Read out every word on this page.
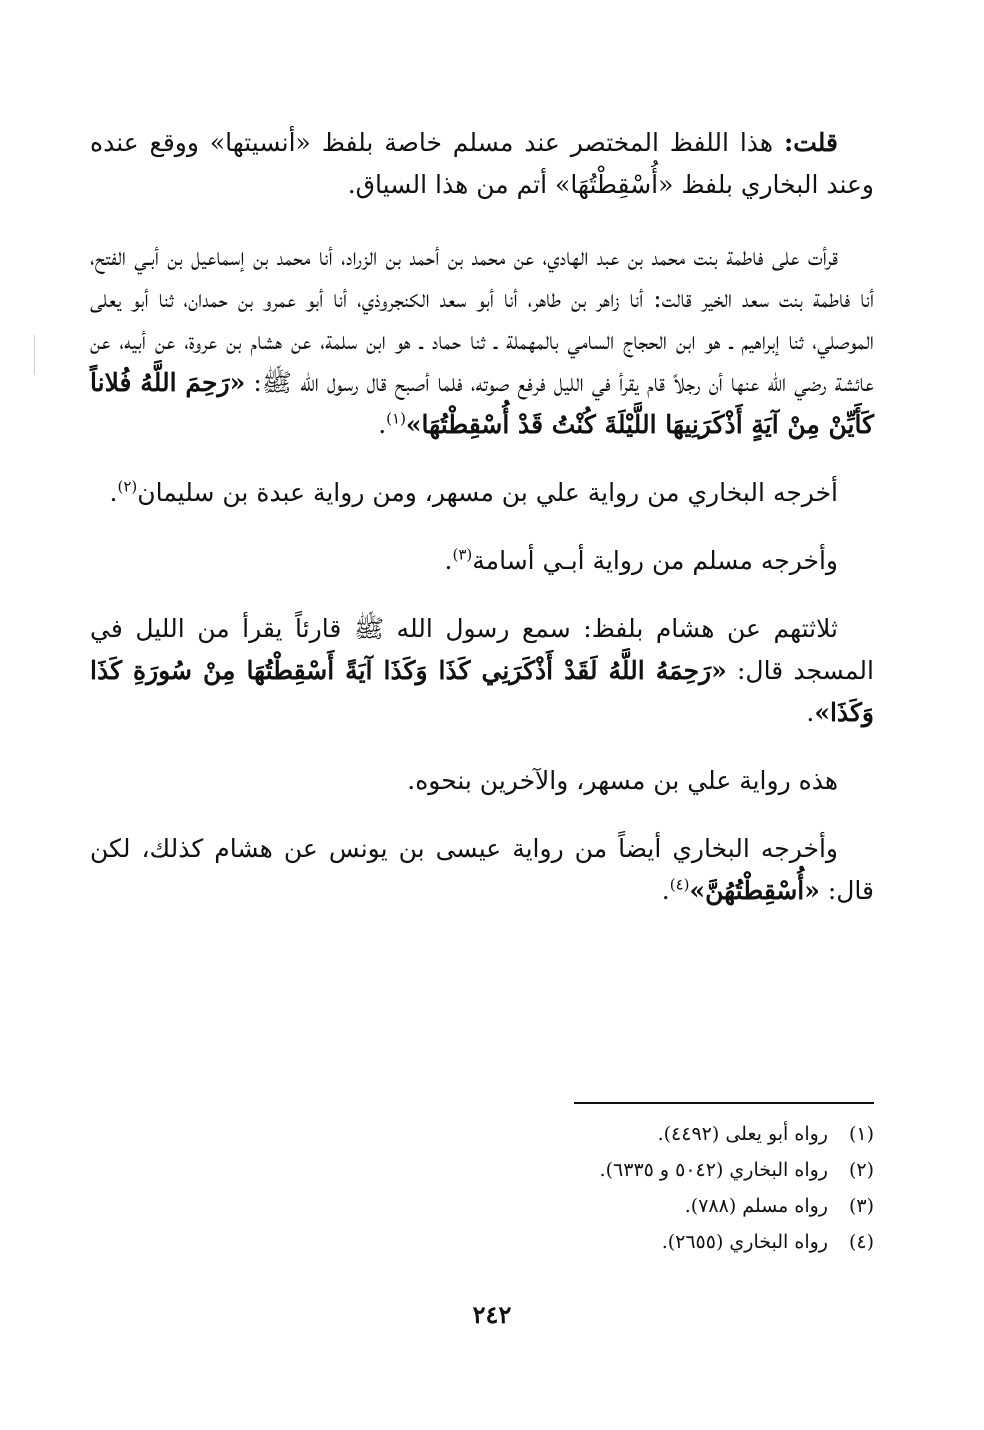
قلت: هذا اللفظ المختصر عند مسلم خاصة بلفظ «أنسيتها» ووقع عنده وعند البخاري بلفظ «أُسْقِطْتُهَا» أتم من هذا السياق.

قرأت على فاطمة بنت محمد بن عبد الهادي، عن محمد بن أحمد بن الزراد، أنا محمد بن إسماعيل بن أبـي الفتح، أنا فاطمة بنت سعد الخير قالت: أنا زاهر بن طاهر، أنا أبو سعد الكنجروذي، أنا أبو عمرو بن حمدان، ثنا أبو يعلى الموصلي، ثنا إبراهيم ـ هو ابن الحجاج السامي بالمهملة ـ ثنا حماد ـ هو ابن سلمة، عن هشام بن عروة، عن أبيه، عن عائشة رضي الله عنها أن رجلاً قام يقرأ في الليل فرفع صوته، فلما أصبح قال رسول الله ﷺ: «رَحِمَ اللَّهُ فُلاناً كَأَيِّنْ مِنْ آيَةٍ أَذْكَرَنِيهَا اللَّيْلَةَ كُنْتُ قَدْ أُسْقِطْتُهَا»$^{(١)}$.

أخرجه البخاري من رواية علي بن مسهر، ومن رواية عبدة بن سليمان$^{(٢)}$.

وأخرجه مسلم من رواية أبـي أسامة$^{(٣)}$.

ثلاثتهم عن هشام بلفظ: سمع رسول الله ﷺ قارئاً يقرأ من الليل في المسجد قال: «رَحِمَهُ اللَّهُ لَقَدْ أَذْكَرَنِي كَذَا وَكَذَا آيَةً أَسْقِطْتُهَا مِنْ سُورَةِ كَذَا وَكَذَا».

هذه رواية علي بن مسهر، والآخرين بنحوه.

وأخرجه البخاري أيضاً من رواية عيسى بن يونس عن هشام كذلك، لكن قال: «أُسْقِطْتُهُنَّ»$^{(٤)}$.

(١) رواه أبو يعلى (٤٤٩٢).
(٢) رواه البخاري (٥٠٤٢ و ٦٣٣٥).
(٣) رواه مسلم (٧٨٨).
(٤) رواه البخاري (٢٦٥٥).
٢٤٢
